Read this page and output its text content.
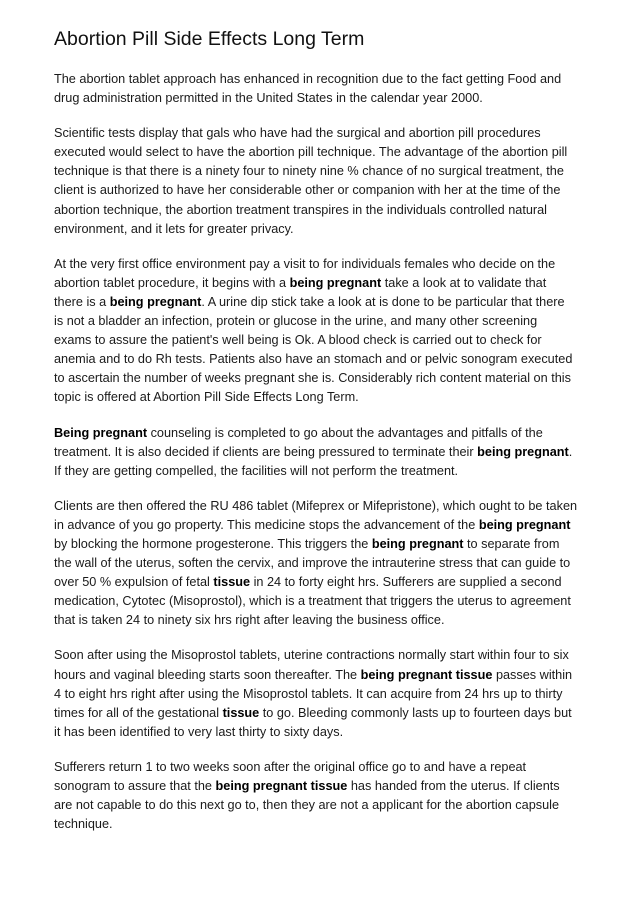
Abortion Pill Side Effects Long Term
The abortion tablet approach has enhanced in recognition due to the fact getting Food and
drug administration permitted in the United States in the calendar year 2000.
Scientific tests display that gals who have had the surgical and abortion pill procedures
executed would select to have the abortion pill technique. The advantage of the abortion pill
technique is that there is a ninety four to ninety nine % chance of no surgical treatment, the
client is authorized to have her considerable other or companion with her at the time of the
abortion technique, the abortion treatment transpires in the individuals controlled natural
environment, and it lets for greater privacy.
At the very first office environment pay a visit to for individuals females who decide on the
abortion tablet procedure, it begins with a being pregnant take a look at to validate that
there is a being pregnant. A urine dip stick take a look at is done to be particular that there
is not a bladder an infection, protein or glucose in the urine, and many other screening
exams to assure the patient's well being is Ok. A blood check is carried out to check for
anemia and to do Rh tests. Patients also have an stomach and or pelvic sonogram executed
to ascertain the number of weeks pregnant she is. Considerably rich content material on this
topic is offered at Abortion Pill Side Effects Long Term.
Being pregnant counseling is completed to go about the advantages and pitfalls of the
treatment. It is also decided if clients are being pressured to terminate their being pregnant.
If they are getting compelled, the facilities will not perform the treatment.
Clients are then offered the RU 486 tablet (Mifeprex or Mifepristone), which ought to be taken
in advance of you go property. This medicine stops the advancement of the being pregnant
by blocking the hormone progesterone. This triggers the being pregnant to separate from
the wall of the uterus, soften the cervix, and improve the intrauterine stress that can guide to
over 50 % expulsion of fetal tissue in 24 to forty eight hrs. Sufferers are supplied a second
medication, Cytotec (Misoprostol), which is a treatment that triggers the uterus to agreement
that is taken 24 to ninety six hrs right after leaving the business office.
Soon after using the Misoprostol tablets, uterine contractions normally start within four to six
hours and vaginal bleeding starts soon thereafter. The being pregnant tissue passes within
4 to eight hrs right after using the Misoprostol tablets. It can acquire from 24 hrs up to thirty
times for all of the gestational tissue to go. Bleeding commonly lasts up to fourteen days but
it has been identified to very last thirty to sixty days.
Sufferers return 1 to two weeks soon after the original office go to and have a repeat
sonogram to assure that the being pregnant tissue has handed from the uterus. If clients
are not capable to do this next go to, then they are not a applicant for the abortion capsule
technique.
